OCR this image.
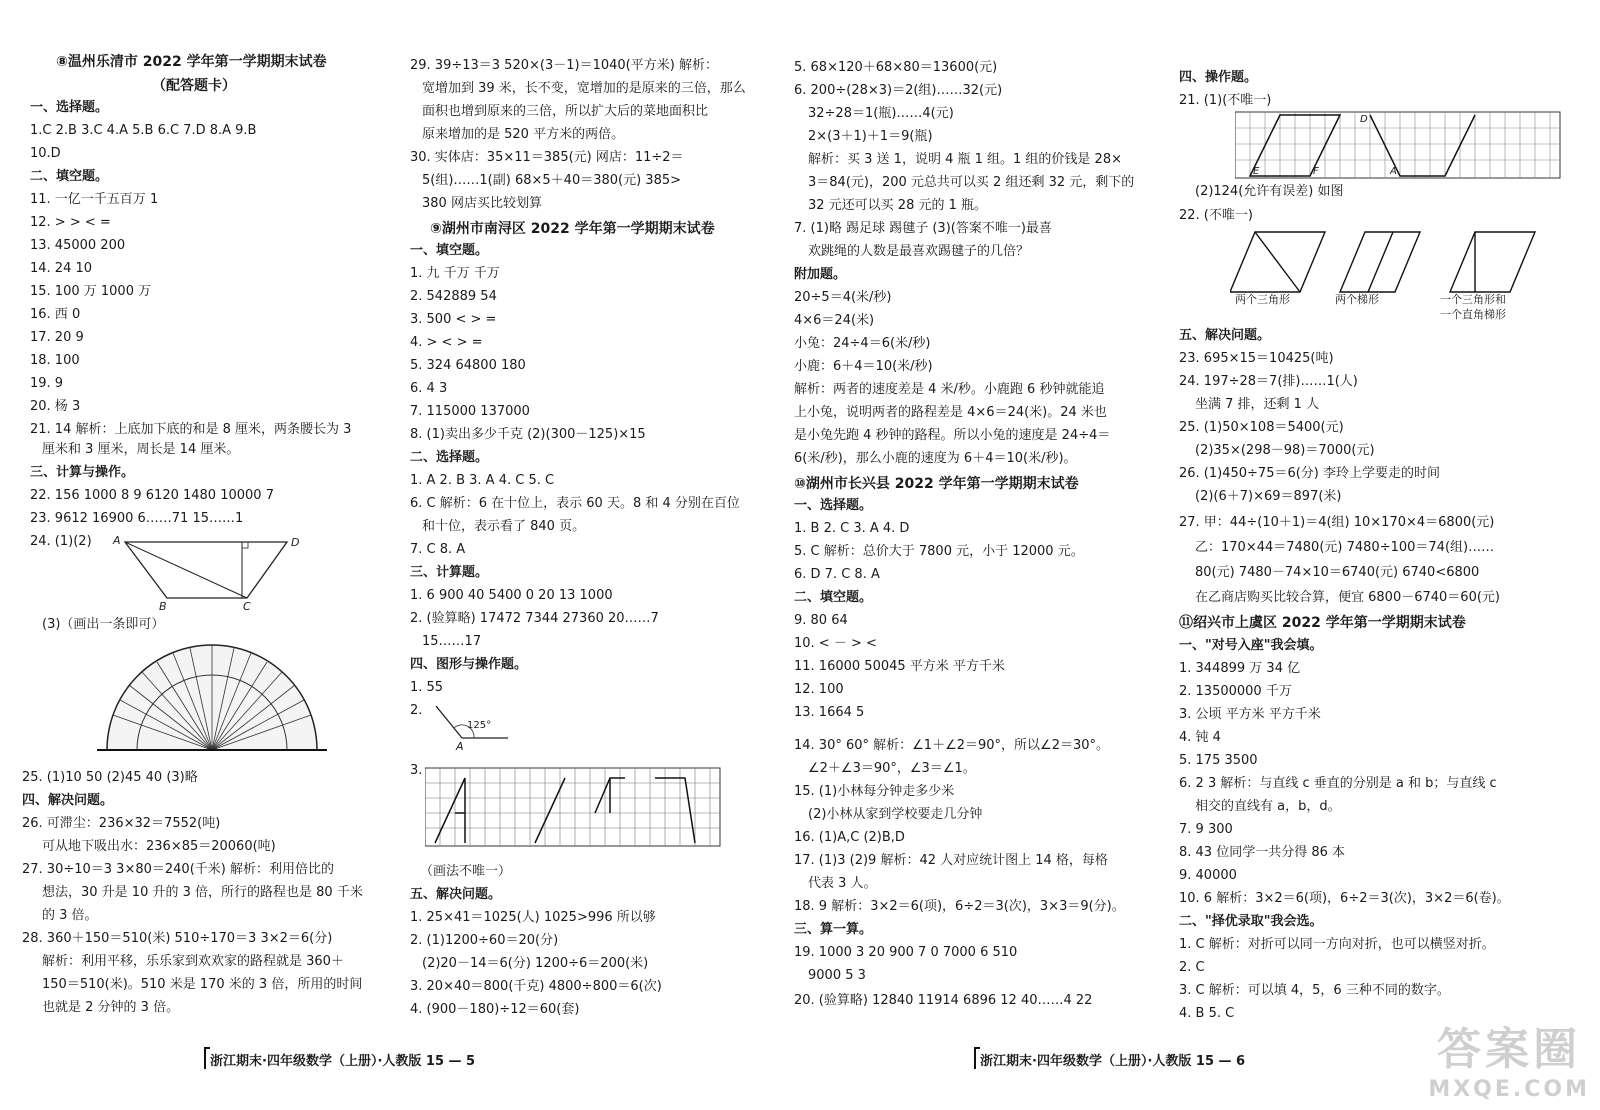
⑧温州乐清市 2022 学年第一学期期末试卷
（配答题卡）
一、选择题。
1.C 2.B 3.C 4.A 5.B 6.C 7.D 8.A 9.B
10.D
二、填空题。
11. 一亿一千五百万 1
12. > > < =
13. 45000 200
14. 24 10
15. 100 万 1000 万
16. 西 0
17. 20 9
18. 100
19. 9
20. 杨 3
21. 14 解析：上底加下底的和是 8 厘米，两条腰长为 3
厘米和 3 厘米，周长是 14 厘米。
三、计算与操作。
22. 156 1000 8 9 6120 1480 10000 7
23. 9612 16900 6……71 15……1
24. (1)(2) A	D
B	C
(3)（画出一条即可）
25. (1)10 50 (2)45 40 (3)略
四、解决问题。
26. 可滞尘：236×32＝7552(吨)
可从地下吸出水：236×85＝20060(吨)
27. 30÷10＝3 3×80＝240(千米) 解析：利用倍比的
想法，30 升是 10 升的 3 倍，所行的路程也是 80 千米
的 3 倍。
28. 360＋150＝510(米) 510÷170＝3 3×2＝6(分)
解析：利用平移，乐乐家到欢欢家的路程就是 360＋
150＝510(米)。510 米是 170 米的 3 倍，所用的时间
也就是 2 分钟的 3 倍。
29. 39÷13＝3 520×(3－1)＝1040(平方米) 解析：
宽增加到 39 米，长不变，宽增加的是原来的三倍，那么
面积也增到原来的三倍，所以扩大后的菜地面积比
原来增加的是 520 平方米的两倍。
30. 实体店：35×11＝385(元) 网店：11÷2＝
5(组)……1(副) 68×5＋40＝380(元) 385>
380 网店买比较划算
⑨湖州市南浔区 2022 学年第一学期期末试卷
一、填空题。
1. 九 千万 千万
2. 542889 54
3. 500 < > =
4. > < > =
5. 324 64800 180
6. 4 3
7. 115000 137000
8. (1)卖出多少千克 (2)(300－125)×15
二、选择题。
1. A 2. B 3. A 4. C 5. C
6. C 解析：6 在十位上，表示 60 天。8 和 4 分别在百位
和十位，表示看了 840 页。
7. C 8. A
三、计算题。
1. 6 900 40 5400 0 20 13 1000
2. (验算略) 17472 7344 27360 20……7
15……17
四、图形与操作题。
1. 55
2.
125°
A
3.
（画法不唯一）
五、解决问题。
1. 25×41＝1025(人) 1025>996 所以够
2. (1)1200÷60＝20(分)
(2)20－14＝6(分) 1200÷6＝200(米)
3. 20×40＝800(千克) 4800÷800＝6(次)
4. (900－180)÷12＝60(套)
5. 68×120＋68×80＝13600(元)
6. 200÷(28×3)＝2(组)……32(元)
32÷28＝1(瓶)……4(元)
2×(3＋1)＋1＝9(瓶)
解析：买 3 送 1，说明 4 瓶 1 组。1 组的价钱是 28×
3＝84(元)，200 元总共可以买 2 组还剩 32 元，剩下的
32 元还可以买 28 元的 1 瓶。
7. (1)略 踢足球 踢毽子 (3)(答案不唯一)最喜
欢跳绳的人数是最喜欢踢毽子的几倍？
附加题。
20÷5＝4(米/秒)
4×6＝24(米)
小兔：24÷4＝6(米/秒)
小鹿：6＋4＝10(米/秒)
解析：两者的速度差是 4 米/秒。小鹿跑 6 秒钟就能追
上小兔，说明两者的路程差是 4×6＝24(米)。24 米也
是小兔先跑 4 秒钟的路程。所以小兔的速度是 24÷4＝
6(米/秒)，那么小鹿的速度为 6＋4＝10(米/秒)。
⑩湖州市长兴县 2022 学年第一学期期末试卷
一、选择题。
1. B 2. C 3. A 4. D
5. C 解析：总价大于 7800 元，小于 12000 元。
6. D 7. C 8. A
二、填空题。
9. 80 64
10. < － > <
11. 16000 50045 平方米 平方千米
12. 100
13. 1664 5
14. 30° 60° 解析：∠1＋∠2＝90°，所以∠2＝30°。
∠2＋∠3＝90°，∠3＝∠1。
15. (1)小林每分钟走多少米
(2)小林从家到学校要走几分钟
16. (1)A,C (2)B,D
17. (1)3 (2)9 解析：42 人对应统计图上 14 格，每格
代表 3 人。
18. 9 解析：3×2＝6(项)，6÷2＝3(次)，3×3＝9(分)。
三、算一算。
19. 1000 3 20 900 7 0 7000 6 510
9000 5 3
20. (验算略) 12840 11914 6896 12 40……4 22
四、操作题。
21. (1)(不唯一)
E	F
D
A
(2)124(允许有误差) 如图
22. (不唯一)
两个三角形	两个梯形	一个三角形和
一个直角梯形
五、解决问题。
23. 695×15＝10425(吨)
24. 197÷28＝7(排)……1(人)
坐满 7 排，还剩 1 人
25. (1)50×108＝5400(元)
(2)35×(298－98)＝7000(元)
26. (1)450÷75＝6(分) 李玲上学要走的时间
(2)(6＋7)×69＝897(米)
27. 甲：44÷(10＋1)＝4(组) 10×170×4＝6800(元)
乙：170×44＝7480(元) 7480÷100＝74(组)……
80(元) 7480－74×10＝6740(元) 6740<6800
在乙商店购买比较合算，便宜 6800－6740＝60(元)
⑪绍兴市上虞区 2022 学年第一学期期末试卷
一、"对号入座"我会填。
1. 344899 万 34 亿
2. 13500000 千万
3. 公顷 平方米 平方千米
4. 钝 4
5. 175 3500
6. 2 3 解析：与直线 c 垂直的分别是 a 和 b；与直线 c
相交的直线有 a，b，d。
7. 9 300
8. 43 位同学一共分得 86 本
9. 40000
10. 6 解析：3×2＝6(项)，6÷2＝3(次)，3×2＝6(卷)。
二、"择优录取"我会选。
1. C 解析：对折可以同一方向对折，也可以横竖对折。
2. C
3. C 解析：可以填 4，5，6 三种不同的数字。
4. B 5. C
浙江期末·四年级数学（上册）·人教版 15 — 5	浙江期末·四年级数学（上册）·人教版 15 — 6	答案圈
MXQE.COM
